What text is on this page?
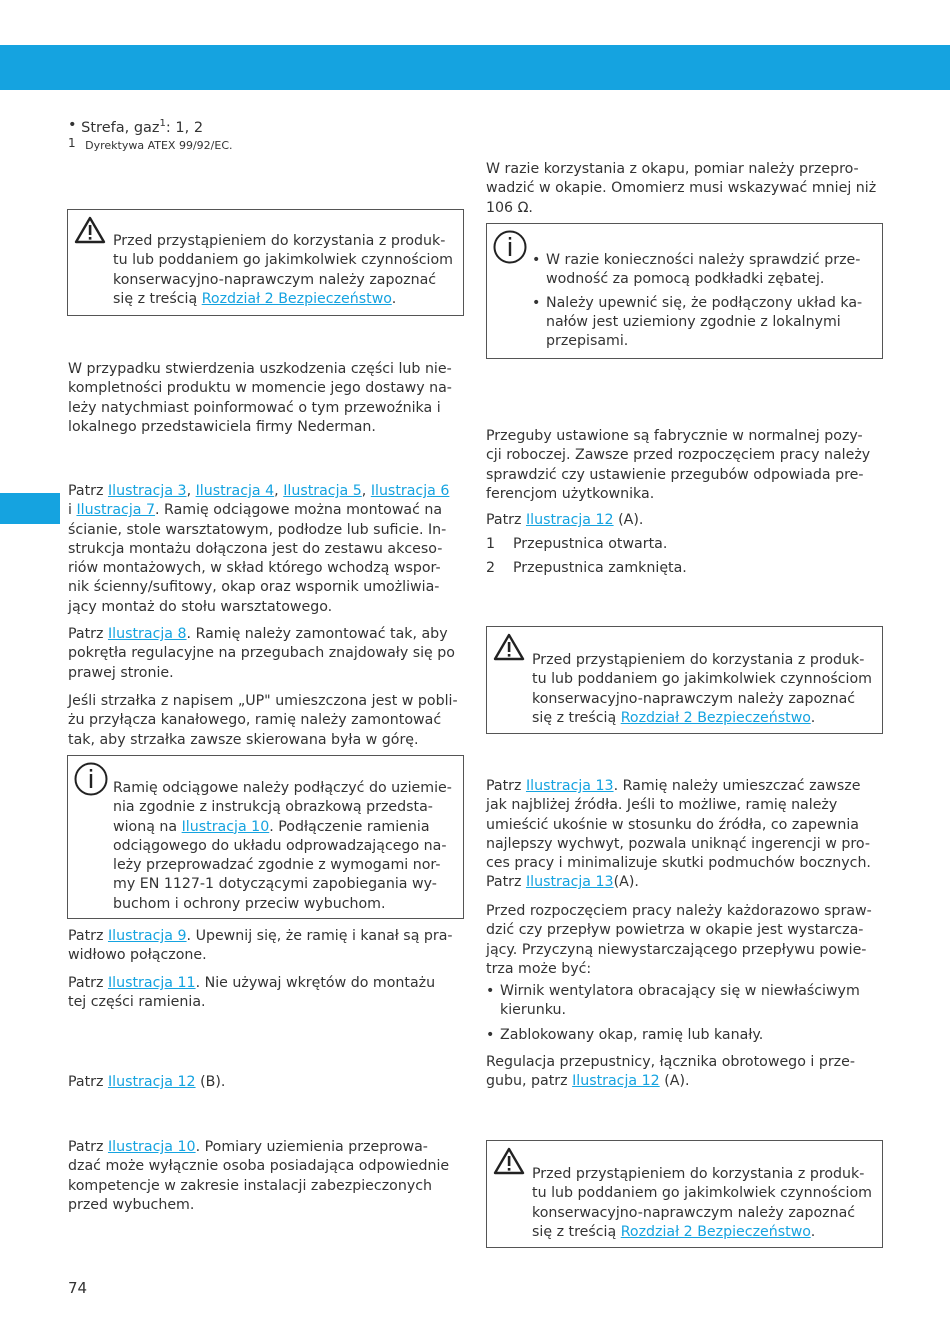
• Strefa, gaz$^1$: 1, 2

1 Dyrektywa ATEX 99/92/EC.

Przed przystąpieniem do korzystania z produk-

tu lub poddaniem go jakimkolwiek czynnościom

konserwacyjno-naprawczym należy zapoznać

się z treścią Rozdział 2 Bezpieczeństwo.

W przypadku stwierdzenia uszkodzenia części lub nie-

kompletności produktu w momencie jego dostawy na-

leży natychmiast poinformować o tym przewoźnika i

lokalnego przedstawiciela firmy Nederman.

Patrz Ilustracja 3, Ilustracja 4, Ilustracja 5, Ilustracja 6

i Ilustracja 7. Ramię odciągowe można montować na

ścianie, stole warsztatowym, podłodze lub suficie. In-

strukcja montażu dołączona jest do zestawu akceso-

riów montażowych, w skład którego wchodzą wspor-

nik ścienny/sufitowy, okap oraz wspornik umożliwia-

jący montaż do stołu warsztatowego.

Patrz Ilustracja 8. Ramię należy zamontować tak, aby

pokrętła regulacyjne na przegubach znajdowały się po

prawej stronie.

Jeśli strzałka z napisem „UP" umieszczona jest w pobli-

żu przyłącza kanałowego, ramię należy zamontować

tak, aby strzałka zawsze skierowana była w górę.

Ramię odciągowe należy podłączyć do uziemie-

nia zgodnie z instrukcją obrazkową przedsta-

wioną na Ilustracja 10. Podłączenie ramienia

odciągowego do układu odprowadzającego na-

leży przeprowadzać zgodnie z wymogami nor-

my EN 1127-1 dotyczącymi zapobiegania wy-

buchom i ochrony przeciw wybuchom.

Patrz Ilustracja 9. Upewnij się, że ramię i kanał są pra-

widłowo połączone.

Patrz Ilustracja 11. Nie używaj wkrętów do montażu

tej części ramienia.

Patrz Ilustracja 12 (B).

Patrz Ilustracja 10. Pomiary uziemienia przeprowa-

dzać może wyłącznie osoba posiadająca odpowiednie

kompetencje w zakresie instalacji zabezpieczonych

przed wybuchem.

74

W razie korzystania z okapu, pomiar należy przepro-

wadzić w okapie. Omomierz musi wskazywać mniej niż

106 Ω.

• W razie konieczności należy sprawdzić prze-

wodność za pomocą podkładki zębatej.

• Należy upewnić się, że podłączony układ ka-

nałów jest uziemiony zgodnie z lokalnymi

przepisami.

Przeguby ustawione są fabrycznie w normalnej pozy-

cji roboczej. Zawsze przed rozpoczęciem pracy należy

sprawdzić czy ustawienie przegubów odpowiada pre-

ferencjom użytkownika.

Patrz Ilustracja 12 (A).

1 Przepustnica otwarta.
2 Przepustnica zamknięta.

Przed przystąpieniem do korzystania z produk-

tu lub poddaniem go jakimkolwiek czynnościom

konserwacyjno-naprawczym należy zapoznać

się z treścią Rozdział 2 Bezpieczeństwo.

Patrz Ilustracja 13. Ramię należy umieszczać zawsze

jak najbliżej źródła. Jeśli to możliwe, ramię należy

umieścić ukośnie w stosunku do źródła, co zapewnia

najlepszy wychwyt, pozwala uniknąć ingerencji w pro-

ces pracy i minimalizuje skutki podmuchów bocznych.

Patrz Ilustracja 13(A).

Przed rozpoczęciem pracy należy każdorazowo spraw-

dzić czy przepływ powietrza w okapie jest wystarcza-

jący. Przyczyną niewystarczającego przepływu powie-

trza może być:

• Wirnik wentylatora obracający się w niewłaściwym

kierunku.

• Zablokowany okap, ramię lub kanały.

Regulacja przepustnicy, łącznika obrotowego i prze-

gubu, patrz Ilustracja 12 (A).

Przed przystąpieniem do korzystania z produk-

tu lub poddaniem go jakimkolwiek czynnościom

konserwacyjno-naprawczym należy zapoznać

się z treścią Rozdział 2 Bezpieczeństwo.
